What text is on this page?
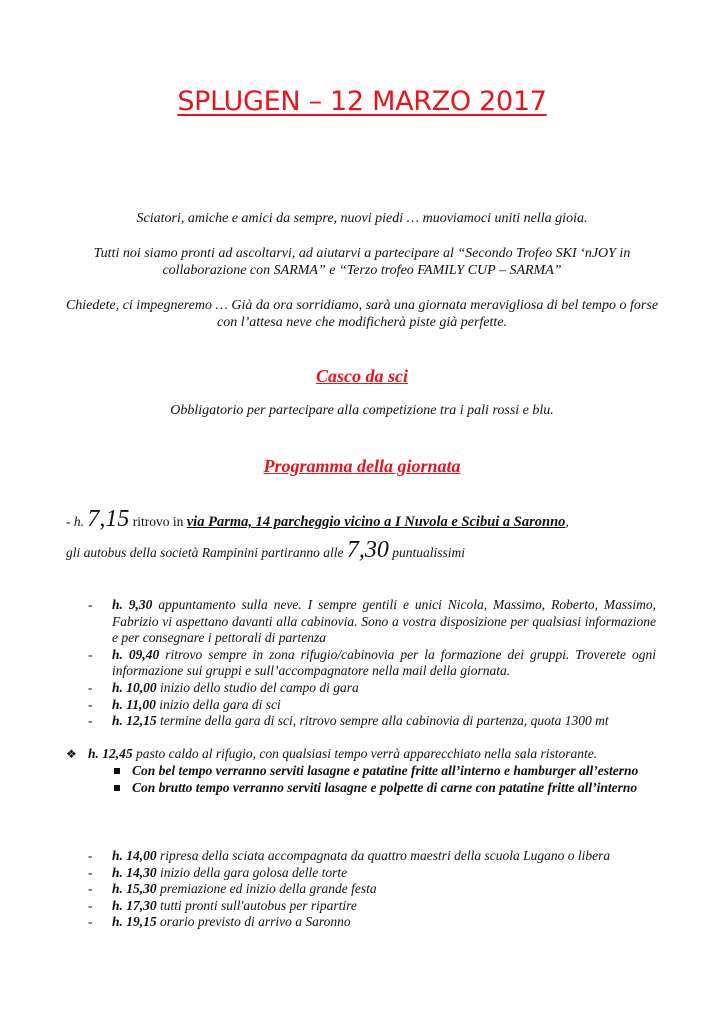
SPLUGEN – 12 MARZO 2017
Sciatori, amiche e amici da sempre, nuovi piedi … muoviamoci uniti nella gioia.
Tutti noi siamo pronti ad ascoltarvi, ad aiutarvi a partecipare al “Secondo Trofeo SKI ‘nJOY in collaborazione con SARMA” e “Terzo trofeo FAMILY CUP – SARMA”
Chiedete, ci impegneremo … Già da ora sorridiamo, sarà una giornata meravigliosa di bel tempo o forse con l’attesa neve che modificherà piste già perfette.
Casco da sci
Obbligatorio per partecipare alla competizione tra i pali rossi e blu.
Programma della giornata
- h. 7,15 ritrovo in via Parma, 14 parcheggio vicino a I Nuvola e Scibui a Saronno,
gli autobus della società Rampinini partiranno alle 7,30 puntualissimi
- h. 9,30 appuntamento sulla neve. I sempre gentili e unici Nicola, Massimo, Roberto, Massimo, Fabrizio vi aspettano davanti alla cabinovia. Sono a vostra disposizione per qualsiasi informazione e per consegnare i pettorali di partenza
- h. 09,40 ritrovo sempre in zona rifugio/cabinovia per la formazione dei gruppi. Troverete ogni informazione sui gruppi e sull’accompagnatore nella mail della giornata.
- h. 10,00 inizio dello studio del campo di gara
- h. 11,00 inizio della gara di sci
- h. 12,15 termine della gara di sci, ritrovo sempre alla cabinovia di partenza, quota 1300 mt
❖ h. 12,45 pasto caldo al rifugio, con qualsiasi tempo verrà apparecchiato nella sala ristorante.
Con bel tempo verranno serviti lasagne e patatine fritte all’interno e hamburger all’esterno
Con brutto tempo verranno serviti lasagne e polpette di carne con patatine fritte all’interno
- h. 14,00 ripresa della sciata accompagnata da quattro maestri della scuola Lugano o libera
- h. 14,30 inizio della gara golosa delle torte
- h. 15,30 premiazione ed inizio della grande festa
- h. 17,30 tutti pronti sull'autobus per ripartire
- h. 19,15 orario previsto di arrivo a Saronno
